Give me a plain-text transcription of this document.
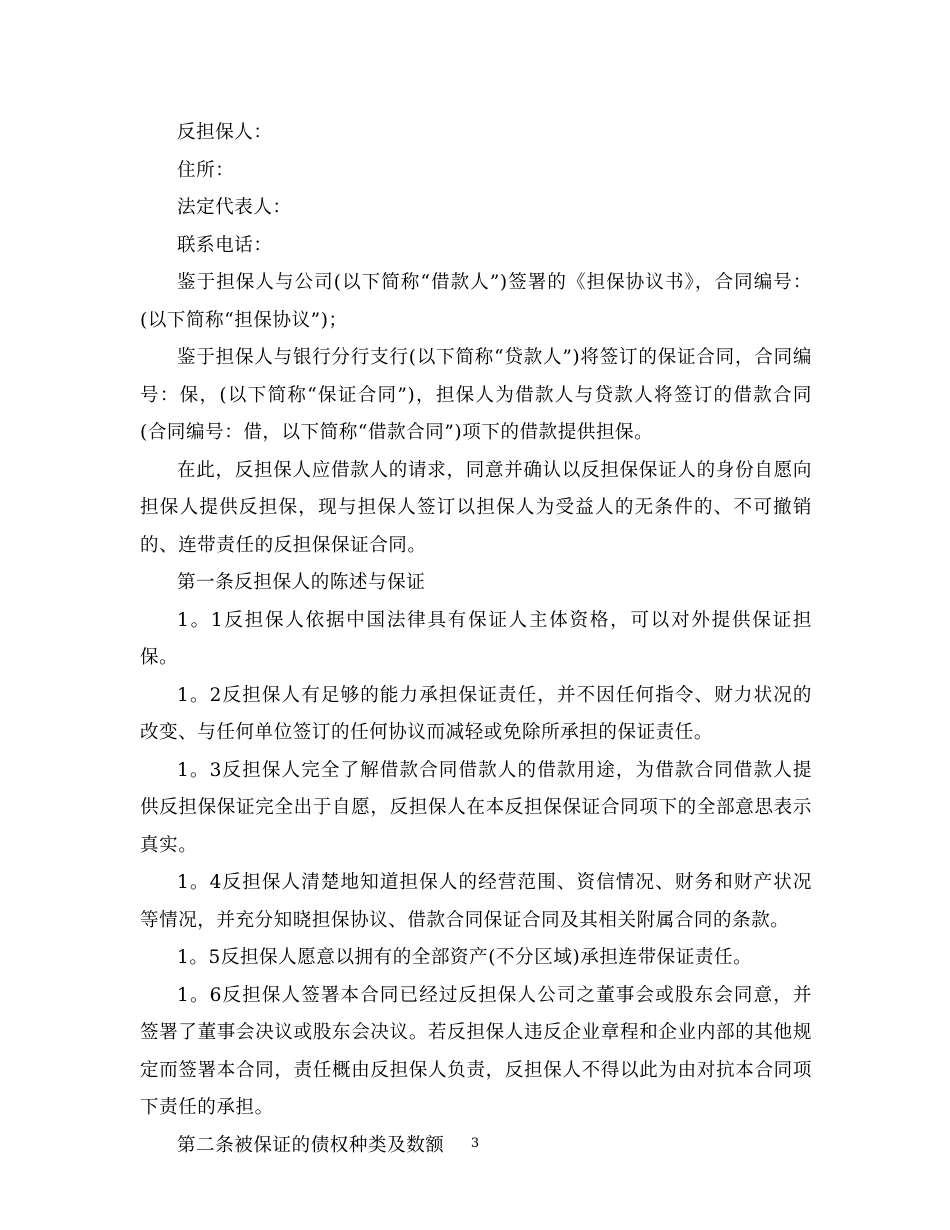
反担保人：

住所：

法定代表人：

联系电话：

鉴于担保人与公司(以下简称“借款人”)签署的《担保协议书》，合同编号：(以下简称“担保协议”)；

鉴于担保人与银行分行支行(以下简称“贷款人”)将签订的保证合同，合同编号：保，(以下简称“保证合同”)，担保人为借款人与贷款人将签订的借款合同(合同编号：借，以下简称“借款合同”)项下的借款提供担保。

在此，反担保人应借款人的请求，同意并确认以反担保保证人的身份自愿向担保人提供反担保，现与担保人签订以担保人为受益人的无条件的、不可撤销的、连带责任的反担保保证合同。

第一条反担保人的陈述与保证

1。1反担保人依据中国法律具有保证人主体资格，可以对外提供保证担保。

1。2反担保人有足够的能力承担保证责任，并不因任何指令、财力状况的改变、与任何单位签订的任何协议而减轻或免除所承担的保证责任。

1。3反担保人完全了解借款合同借款人的借款用途，为借款合同借款人提供反担保保证完全出于自愿，反担保人在本反担保保证合同项下的全部意思表示真实。

1。4反担保人清楚地知道担保人的经营范围、资信情况、财务和财产状况等情况，并充分知晓担保协议、借款合同保证合同及其相关附属合同的条款。

1。5反担保人愿意以拥有的全部资产(不分区域)承担连带保证责任。

1。6反担保人签署本合同已经过反担保人公司之董事会或股东会同意，并签署了董事会决议或股东会决议。若反担保人违反企业章程和企业内部的其他规定而签署本合同，责任概由反担保人负责，反担保人不得以此为由对抗本合同项下责任的承担。

第二条被保证的债权种类及数额	3
